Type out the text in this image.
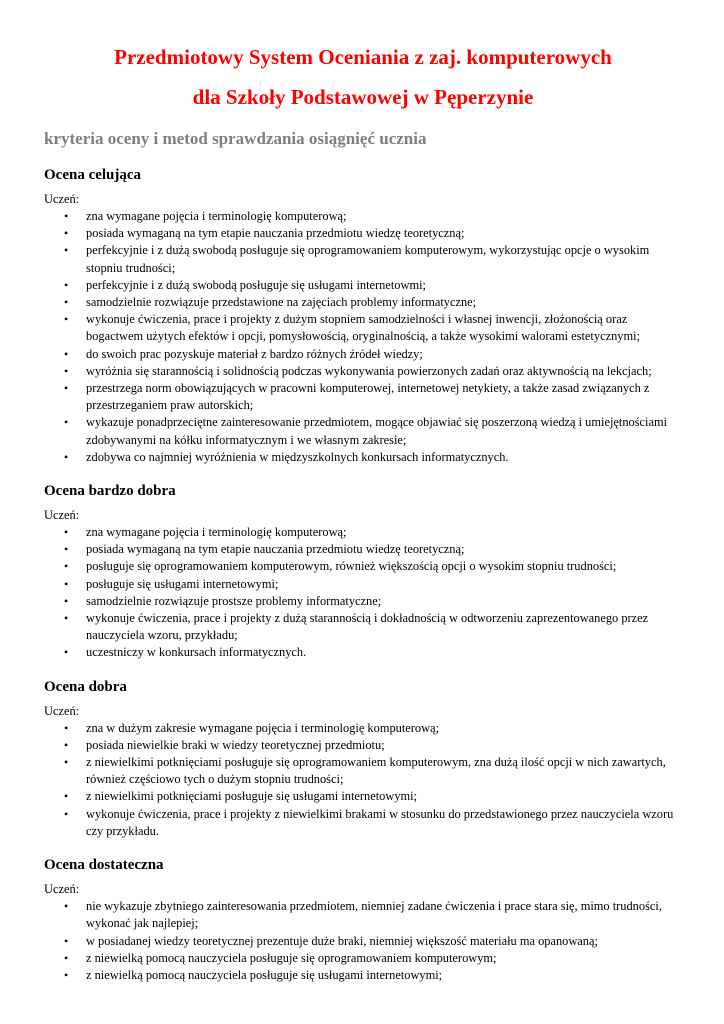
Przedmiotowy System Oceniania z zaj. komputerowych
dla Szkoły Podstawowej w Pęperzynie

kryteria oceny i metod sprawdzania osiągnięć ucznia

Ocena celująca

Uczeń:

• zna wymagane pojęcia i terminologię komputerową;
• posiada wymaganą na tym etapie nauczania przedmiotu wiedzę teoretyczną;
• perfekcyjnie i z dużą swobodą posługuje się oprogramowaniem komputerowym, wykorzystując opcje o wysokim stopniu trudności;
• perfekcyjnie i z dużą swobodą posługuje się usługami internetowmi;
• samodzielnie rozwiązuje przedstawione na zajęciach problemy informatyczne;
• wykonuje ćwiczenia, prace i projekty z dużym stopniem samodzielności i własnej inwencji, złożonością oraz bogactwem użytych efektów i opcji, pomysłowością, oryginalnością, a także wysokimi walorami estetycznymi;
• do swoich prac pozyskuje materiał z bardzo różnych źródeł wiedzy;
• wyróżnia się starannością i solidnością podczas wykonywania powierzonych zadań oraz aktywnością na lekcjach;
• przestrzega norm obowiązujących w pracowni komputerowej, internetowej netykiety, a także zasad związanych z przestrzeganiem praw autorskich;
• wykazuje ponadprzeciętne zainteresowanie przedmiotem, mogące objawiać się poszerzoną wiedzą i umiejętnościami zdobywanymi na kółku informatycznym i we własnym zakresie;
• zdobywa co najmniej wyróżnienia w międzyszkolnych konkursach informatycznych.
Ocena bardzo dobra

Uczeń:

• zna wymagane pojęcia i terminologię komputerową;
• posiada wymaganą na tym etapie nauczania przedmiotu wiedzę teoretyczną;
• posługuje się oprogramowaniem komputerowym, również większością opcji o wysokim stopniu trudności;
• posługuje się usługami internetowymi;
• samodzielnie rozwiązuje prostsze problemy informatyczne;
• wykonuje ćwiczenia, prace i projekty z dużą starannością i dokładnością w odtworzeniu zaprezentowanego przez nauczyciela wzoru, przykładu;
• uczestniczy w konkursach informatycznych.
Ocena dobra

Uczeń:

• zna w dużym zakresie wymagane pojęcia i terminologię komputerową;
• posiada niewielkie braki w wiedzy teoretycznej przedmiotu;
• z niewielkimi potknięciami posługuje się oprogramowaniem komputerowym, zna dużą ilość opcji w nich zawartych, również częściowo tych o dużym stopniu trudności;
• z niewielkimi potknięciami posługuje się usługami internetowymi;
• wykonuje ćwiczenia, prace i projekty z niewielkimi brakami w stosunku do przedstawionego przez nauczyciela wzoru czy przykładu.
Ocena dostateczna

Uczeń:

• nie wykazuje zbytniego zainteresowania przedmiotem, niemniej zadane ćwiczenia i prace stara się, mimo trudności, wykonać jak najlepiej;
• w posiadanej wiedzy teoretycznej prezentuje duże braki, niemniej większość materiału ma opanowaną;
• z niewielką pomocą nauczyciela posługuje się oprogramowaniem komputerowym;
• z niewielką pomocą nauczyciela posługuje się usługami internetowymi;
